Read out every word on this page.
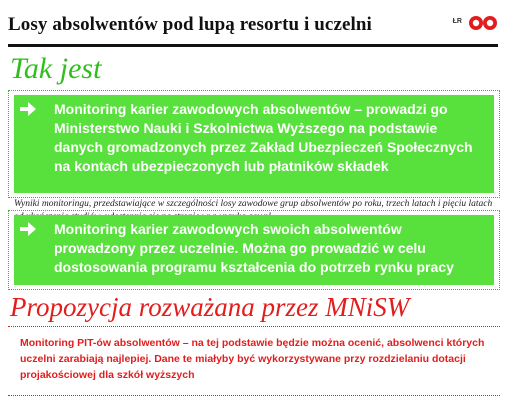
Losy absolwentów pod lupą resortu i uczelni	ŁR
Tak jest
Monitoring karier zawodowych absolwentów – prowadzi go Ministerstwo Nauki i Szkolnictwa Wyższego na podstawie danych gromadzonych przez Zakład Ubezpieczeń Społecznych na kontach ubezpieczonych lub płatników składek
Wyniki monitoringu, przedstawiające w szczególności losy zawodowe grup absolwentów po roku, trzech latach i pięciu latach
Monitoring karier zawodowych swoich absolwentów prowadzony przez uczelnie. Można go prowadzić w celu dostosowania programu kształcenia do potrzeb rynku pracy
Propozycja rozważana przez MNiSW
Monitoring PIT-ów absolwentów – na tej podstawie będzie można ocenić, absolwenci których uczelni zarabiają najlepiej. Dane te miałyby być wykorzystywane przy rozdzielaniu dotacji projakościowej dla szkół wyższych
